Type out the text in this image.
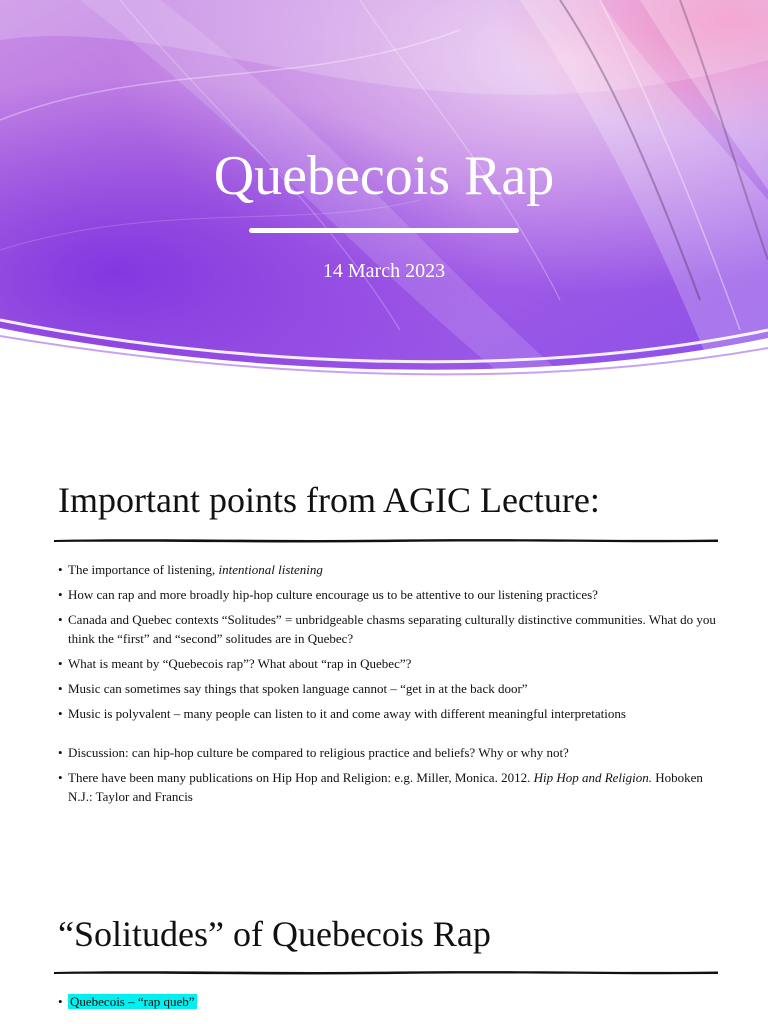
Quebecois Rap
14 March 2023
Important points from AGIC Lecture:
• The importance of listening, intentional listening
• How can rap and more broadly hip-hop culture encourage us to be attentive to our listening practices?
• Canada and Quebec contexts “Solitudes” = unbridgeable chasms separating culturally distinctive communities. What do you think the “first” and “second” solitudes are in Quebec?
• What is meant by “Quebecois rap”? What about “rap in Quebec”?
• Music can sometimes say things that spoken language cannot – “get in at the back door”
• Music is polyvalent – many people can listen to it and come away with different meaningful interpretations
• Discussion: can hip-hop culture be compared to religious practice and beliefs? Why or why not?
• There have been many publications on Hip Hop and Religion: e.g. Miller, Monica. 2012. Hip Hop and Religion. Hoboken N.J.: Taylor and Francis
“Solitudes” of Quebecois Rap
• Quebecois – “rap queb”
